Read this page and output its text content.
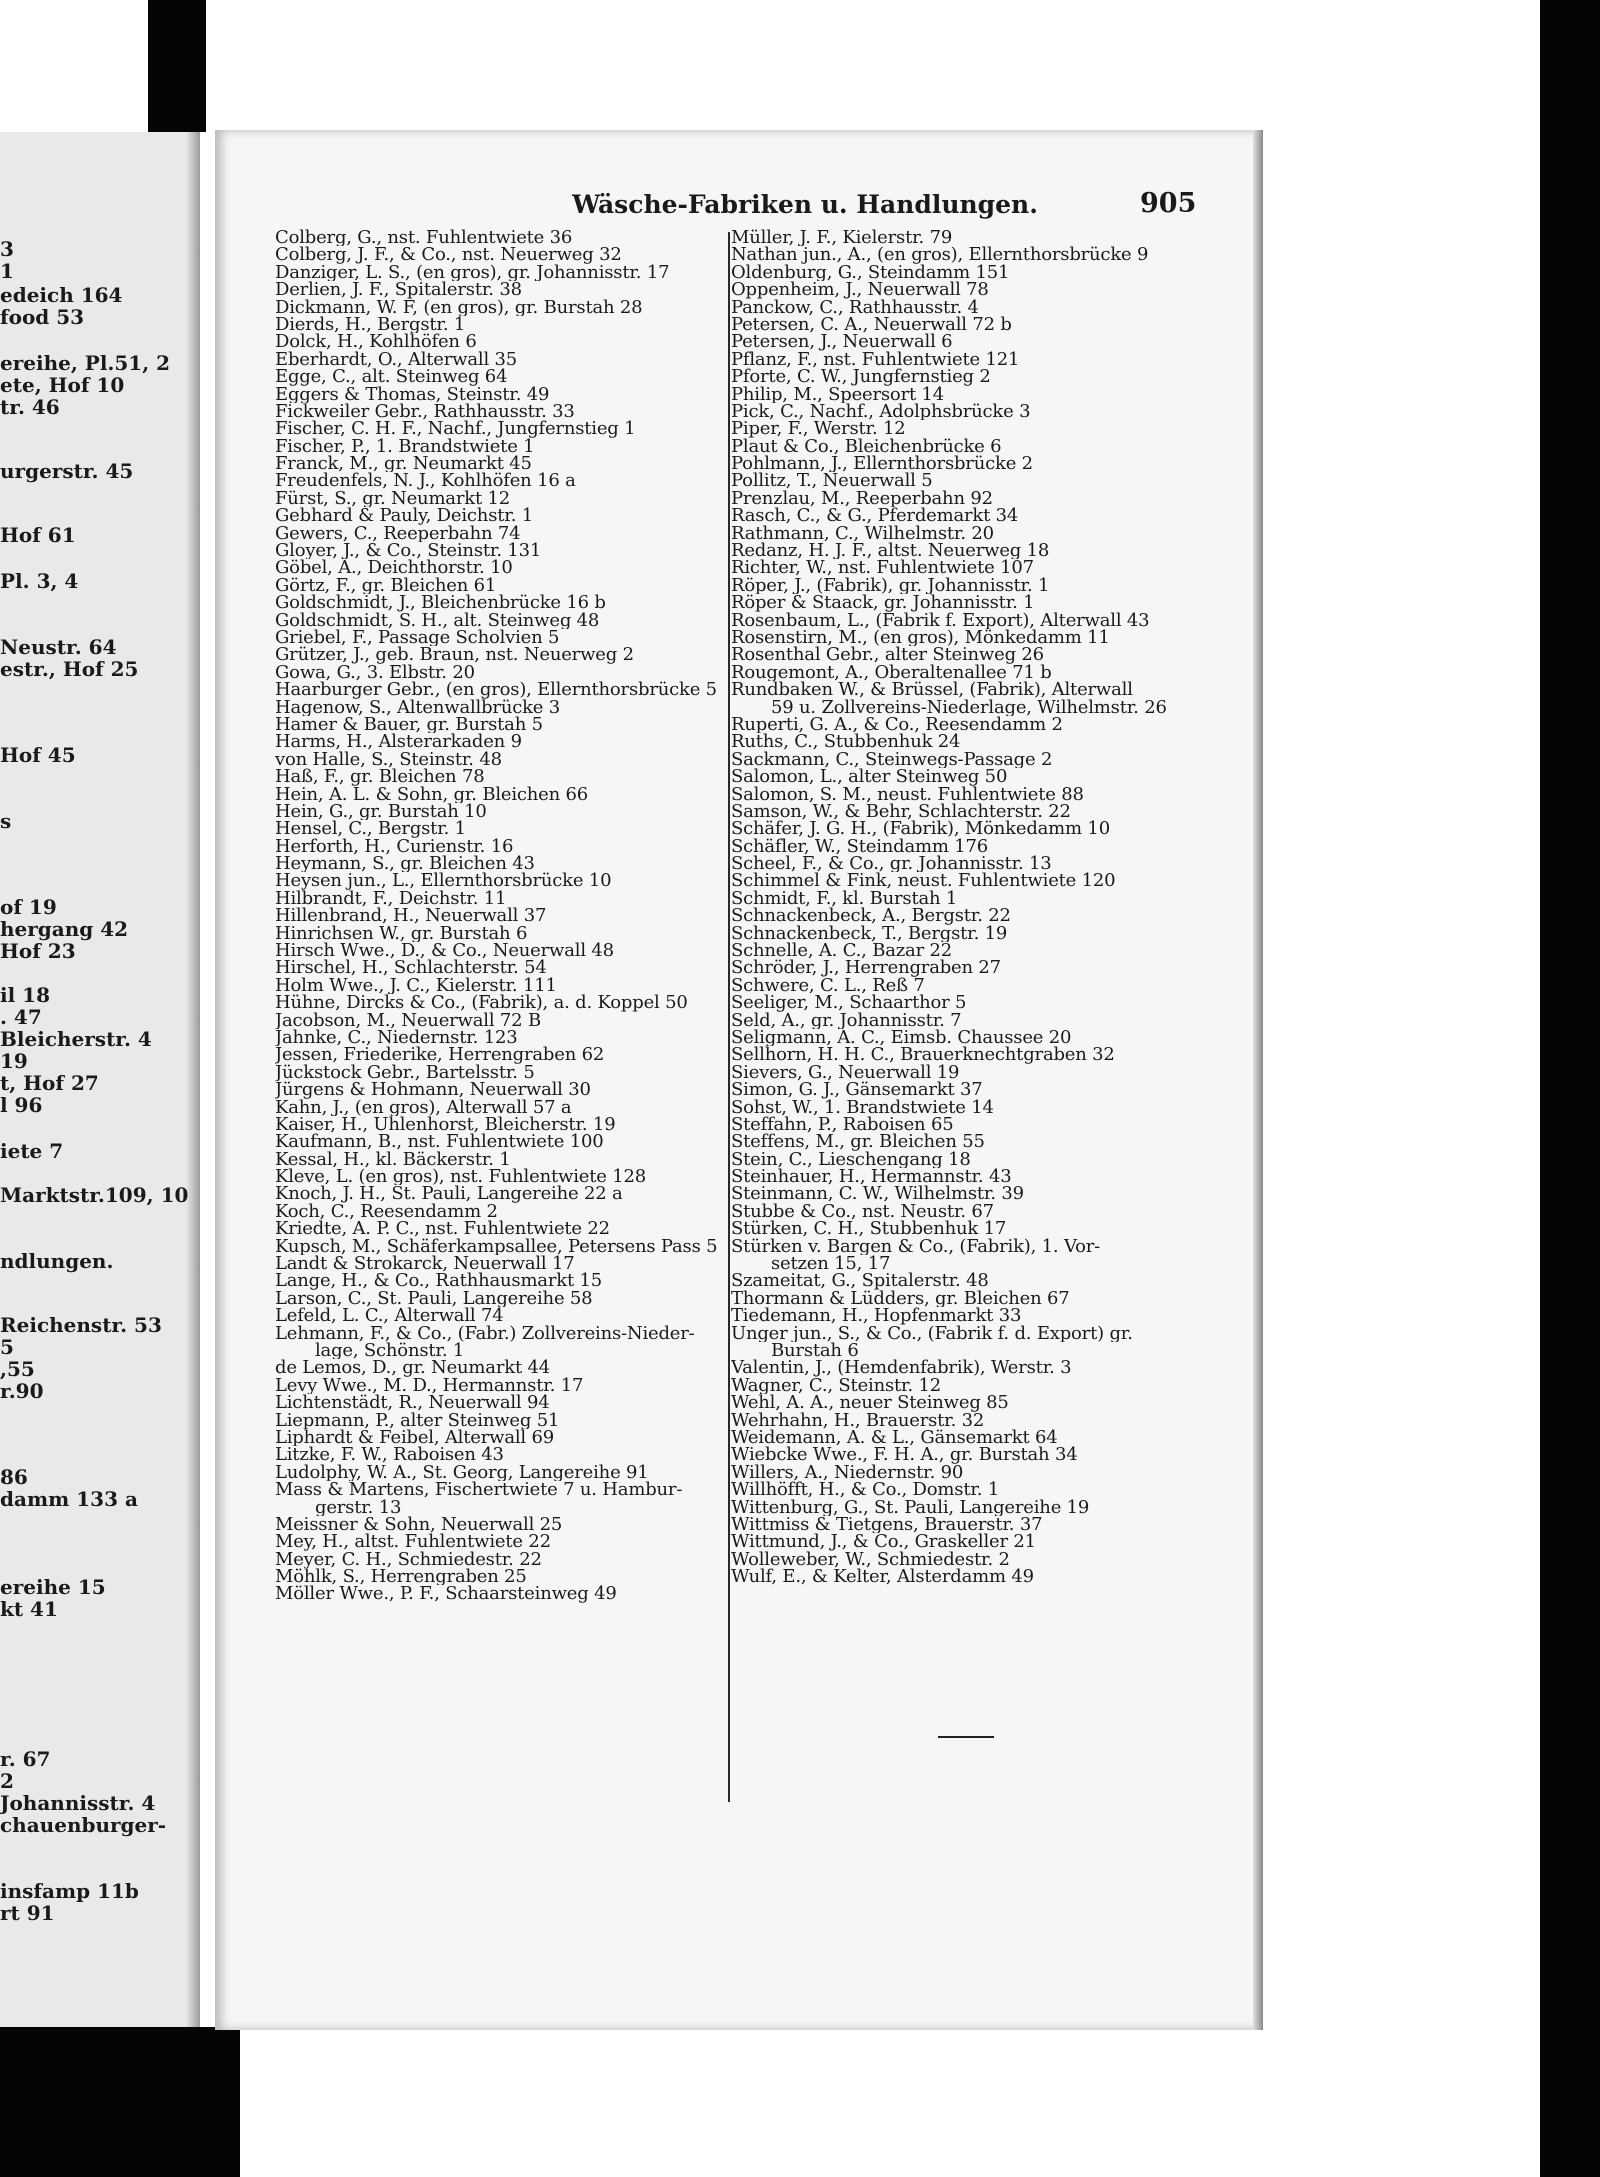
3
1
edeich 164
food 53
ereihe, Pl.51, 2
ete, Hof 10
tr. 46
urgerstr. 45
Hof 61
Pl. 3, 4
Neustr. 64
estr., Hof 25
Hof 45
s
of 19
hergang 42
Hof 23
il 18
. 47
Bleicherstr. 4
19
t, Hof 27
l 96
iete 7
Marktstr.109, 10
ndlungen.
Reichenstr. 53
5
,55
r.90
86
damm 133 a
ereihe 15
kt 41
r. 67
2
Johannisstr. 4
chauenburger-
insfamp 11b
rt 91
Wäsche-Fabriken u. Handlungen.	905
Colberg, G., nst. Fuhlentwiete 36
Colberg, J. F., & Co., nst. Neuerweg 32
Danziger, L. S., (en gros), gr. Johannisstr. 17
Derlien, J. F., Spitalerstr. 38
Dickmann, W. F, (en gros), gr. Burstah 28
Dierds, H., Bergstr. 1
Dolck, H., Kohlhöfen 6
Eberhardt, O., Alterwall 35
Egge, C., alt. Steinweg 64
Eggers & Thomas, Steinstr. 49
Fickweiler Gebr., Rathhausstr. 33
Fischer, C. H. F., Nachf., Jungfernstieg 1
Fischer, P., 1. Brandstwiete 1
Franck, M., gr. Neumarkt 45
Freudenfels, N. J., Kohlhöfen 16 a
Fürst, S., gr. Neumarkt 12
Gebhard & Pauly, Deichstr. 1
Gewers, C., Reeperbahn 74
Gloyer, J., & Co., Steinstr. 131
Göbel, A., Deichthorstr. 10
Görtz, F., gr. Bleichen 61
Goldschmidt, J., Bleichenbrücke 16 b
Goldschmidt, S. H., alt. Steinweg 48
Griebel, F., Passage Scholvien 5
Grützer, J., geb. Braun, nst. Neuerweg 2
Gowa, G., 3. Elbstr. 20
Haarburger Gebr., (en gros), Ellernthorsbrücke 5
Hagenow, S., Altenwallbrücke 3
Hamer & Bauer, gr. Burstah 5
Harms, H., Alsterarkaden 9
von Halle, S., Steinstr. 48
Haß, F., gr. Bleichen 78
Hein, A. L. & Sohn, gr. Bleichen 66
Hein, G., gr. Burstah 10
Hensel, C., Bergstr. 1
Herforth, H., Curienstr. 16
Heymann, S., gr. Bleichen 43
Heysen jun., L., Ellernthorsbrücke 10
Hilbrandt, F., Deichstr. 11
Hillenbrand, H., Neuerwall 37
Hinrichsen W., gr. Burstah 6
Hirsch Wwe., D., & Co., Neuerwall 48
Hirschel, H., Schlachterstr. 54
Holm Wwe., J. C., Kielerstr. 111
Hühne, Dircks & Co., (Fabrik), a. d. Koppel 50
Jacobson, M., Neuerwall 72 B
Jahnke, C., Niedernstr. 123
Jessen, Friederike, Herrengraben 62
Jückstock Gebr., Bartelsstr. 5
Jürgens & Hohmann, Neuerwall 30
Kahn, J., (en gros), Alterwall 57 a
Kaiser, H., Uhlenhorst, Bleicherstr. 19
Kaufmann, B., nst. Fuhlentwiete 100
Kessal, H., kl. Bäckerstr. 1
Kleve, L. (en gros), nst. Fuhlentwiete 128
Knoch, J. H., St. Pauli, Langereihe 22 a
Koch, C., Reesendamm 2
Kriedte, A. P. C., nst. Fuhlentwiete 22
Kupsch, M., Schäferkampsallee, Petersens Pass 5
Landt & Strokarck, Neuerwall 17
Lange, H., & Co., Rathhausmarkt 15
Larson, C., St. Pauli, Langereihe 58
Lefeld, L. C., Alterwall 74
Lehmann, F., & Co., (Fabr.) Zollvereins-Nieder-
lage, Schönstr. 1
de Lemos, D., gr. Neumarkt 44
Levy Wwe., M. D., Hermannstr. 17
Lichtenstädt, R., Neuerwall 94
Liepmann, P., alter Steinweg 51
Liphardt & Feibel, Alterwall 69
Litzke, F. W., Raboisen 43
Ludolphy, W. A., St. Georg, Langereihe 91
Mass & Martens, Fischertwiete 7 u. Hambur-
gerstr. 13
Meissner & Sohn, Neuerwall 25
Mey, H., altst. Fuhlentwiete 22
Meyer, C. H., Schmiedestr. 22
Möhlk, S., Herrengraben 25
Möller Wwe., P. F., Schaarsteinweg 49
Müller, J. F., Kielerstr. 79
Nathan jun., A., (en gros), Ellernthorsbrücke 9
Oldenburg, G., Steindamm 151
Oppenheim, J., Neuerwall 78
Panckow, C., Rathhausstr. 4
Petersen, C. A., Neuerwall 72 b
Petersen, J., Neuerwall 6
Pflanz, F., nst. Fuhlentwiete 121
Pforte, C. W., Jungfernstieg 2
Philip, M., Speersort 14
Pick, C., Nachf., Adolphsbrücke 3
Piper, F., Werstr. 12
Plaut & Co., Bleichenbrücke 6
Pohlmann, J., Ellernthorsbrücke 2
Pollitz, T., Neuerwall 5
Prenzlau, M., Reeperbahn 92
Rasch, C., & G., Pferdemarkt 34
Rathmann, C., Wilhelmstr. 20
Redanz, H. J. F., altst. Neuerweg 18
Richter, W., nst. Fuhlentwiete 107
Röper, J., (Fabrik), gr. Johannisstr. 1
Röper & Staack, gr. Johannisstr. 1
Rosenbaum, L., (Fabrik f. Export), Alterwall 43
Rosenstirn, M., (en gros), Mönkedamm 11
Rosenthal Gebr., alter Steinweg 26
Rougemont, A., Oberaltenallee 71 b
Rundbaken W., & Brüssel, (Fabrik), Alterwall
59 u. Zollvereins-Niederlage, Wilhelmstr. 26
Ruperti, G. A., & Co., Reesendamm 2
Ruths, C., Stubbenhuk 24
Sackmann, C., Steinwegs-Passage 2
Salomon, L., alter Steinweg 50
Salomon, S. M., neust. Fuhlentwiete 88
Samson, W., & Behr, Schlachterstr. 22
Schäfer, J. G. H., (Fabrik), Mönkedamm 10
Schäfler, W., Steindamm 176
Scheel, F., & Co., gr. Johannisstr. 13
Schimmel & Fink, neust. Fuhlentwiete 120
Schmidt, F., kl. Burstah 1
Schnackenbeck, A., Bergstr. 22
Schnackenbeck, T., Bergstr. 19
Schnelle, A. C., Bazar 22
Schröder, J., Herrengraben 27
Schwere, C. L., Reß 7
Seeliger, M., Schaarthor 5
Seld, A., gr. Johannisstr. 7
Seligmann, A. C., Eimsb. Chaussee 20
Sellhorn, H. H. C., Brauerknechtgraben 32
Sievers, G., Neuerwall 19
Simon, G. J., Gänsemarkt 37
Sohst, W., 1. Brandstwiete 14
Steffahn, P., Raboisen 65
Steffens, M., gr. Bleichen 55
Stein, C., Lieschengang 18
Steinhauer, H., Hermannstr. 43
Steinmann, C. W., Wilhelmstr. 39
Stubbe & Co., nst. Neustr. 67
Stürken, C. H., Stubbenhuk 17
Stürken v. Bargen & Co., (Fabrik), 1. Vor-
setzen 15, 17
Szameitat, G., Spitalerstr. 48
Thormann & Lüdders, gr. Bleichen 67
Tiedemann, H., Hopfenmarkt 33
Unger jun., S., & Co., (Fabrik f. d. Export) gr.
Burstah 6
Valentin, J., (Hemdenfabrik), Werstr. 3
Wagner, C., Steinstr. 12
Wehl, A. A., neuer Steinweg 85
Wehrhahn, H., Brauerstr. 32
Weidemann, A. & L., Gänsemarkt 64
Wiebcke Wwe., F. H. A., gr. Burstah 34
Willers, A., Niedernstr. 90
Willhöfft, H., & Co., Domstr. 1
Wittenburg, G., St. Pauli, Langereihe 19
Wittmiss & Tietgens, Brauerstr. 37
Wittmund, J., & Co., Graskeller 21
Wolleweber, W., Schmiedestr. 2
Wulf, E., & Kelter, Alsterdamm 49
